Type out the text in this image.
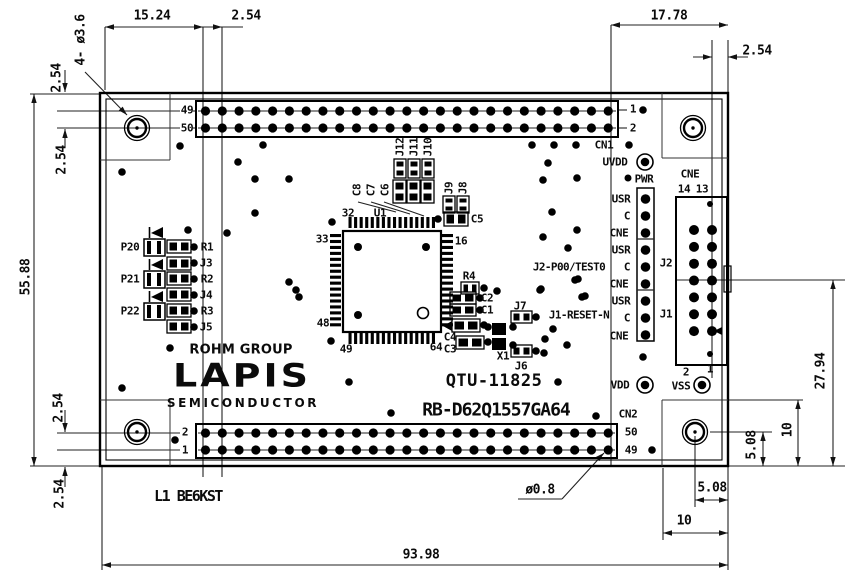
15.24	2.54	17.78
2.54
2.54
2.54
4- ø3.6
55.88
2.54
2.54
27.94
10
5.08
5.08
10
93.98
ø0.8
49
50
1
2
CN1
2
1
50
49
CN2
CNE
14 13
2 1
UVDD
PWR
VDD	VSS
USR
C
CNE
USR
C
CNE
USR
C
CNE
J2
J1
J2-P00/TEST0
J1-RESET-N
P20
P21
P22
R1
J3
R2
J4
R3
J5
J12 J11 J10
C8 C7 C6	J9 J8
C5
U1
32
33
48
49	64
16
R4
C2
C1
C4
C3
X1
J7
J6
ROHM GROUP
LAPIS
SEMICONDUCTOR
QTU-11825
RB-D62Q1557GA64
L1 BE6KST
